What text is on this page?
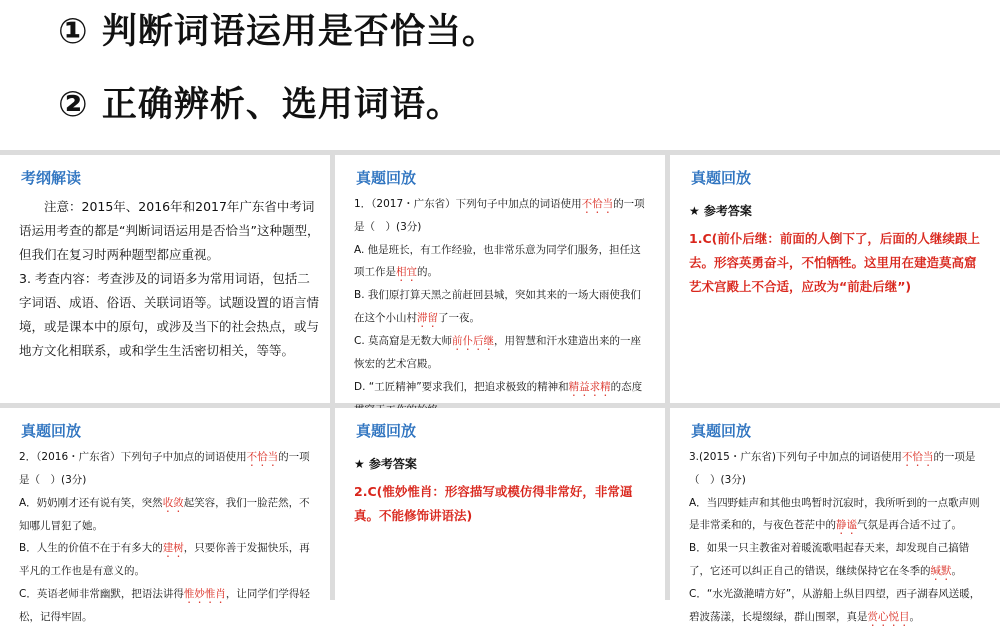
① 判断词语运用是否恰当。
② 正确辨析、选用词语。
考纲解读

注意：2015年、2016年和2017年广东省中考词语运用考查的都是“判断词语运用是否恰当”这种题型，但我们在复习时两种题型都应重视。

3. 考查内容：考查涉及的词语多为常用词语，包括二字词语、成语、俗语、关联词语等。试题设置的语言情境，或是课本中的原句，或涉及当下的社会热点，或与地方文化相联系，或和学生生活密切相关，等等。

真题回放

1．（2017・广东省）下列句子中加点的词语使用不恰当的一项是（　）(3分)

A. 他是班长，有工作经验，也非常乐意为同学们服务，担任这项工作是相宜的。

B. 我们原打算天黑之前赶回县城，突如其来的一场大雨使我们在这个小山村滞留了一夜。

C. 莫高窟是无数大师前仆后继，用智慧和汗水建造出来的一座恢宏的艺术宫殿。

D. “工匠精神”要求我们，把追求极致的精神和精益求精的态度

真题回放
★ 参考答案
1.C(前仆后继：前面的人倒下了，后面的人继续跟上去。形容英勇奋斗，不怕牺牲。这里用在建造莫高窟艺术宫殿上不合适，应改为“前赴后继”)
真题回放

2．（2016・广东省）下列句子中加点的词语使用不恰当的一项是（　）(3分)

A．奶奶刚才还有说有笑，突然收敛起笑容，我们一脸茫然，不知哪儿冒犯了她。

B．人生的价值不在于有多大的建树，只要你善于发掘快乐，再平凡的工作也是有意义的。

C．英语老师非常幽默，把语法讲得惟妙惟肖，让同学们学得轻松，记得牢固。

真题回放
★ 参考答案
2.C(惟妙惟肖：形容描写或模仿得非常好，非常逼真。不能修饰讲语法)
真题回放

3.(2015・广东省)下列句子中加点的词语使用不恰当的一项是（　）(3分)

A．当四野蛙声和其他虫鸣暂时沉寂时，我所听到的一点歌声则是非常柔和的，与夜色苍茫中的静谧气氛是再合适不过了。

B．如果一只主教雀对着暖流歌唱起春天来，却发现自己搞错了，它还可以纠正自己的错误，继续保持它在冬季的缄默。

C．“水光潋滟晴方好”，从游船上纵目四望，西子湖春风送暖，碧波荡漾，长堤缀绿，群山围翠，真是赏心悦目。
